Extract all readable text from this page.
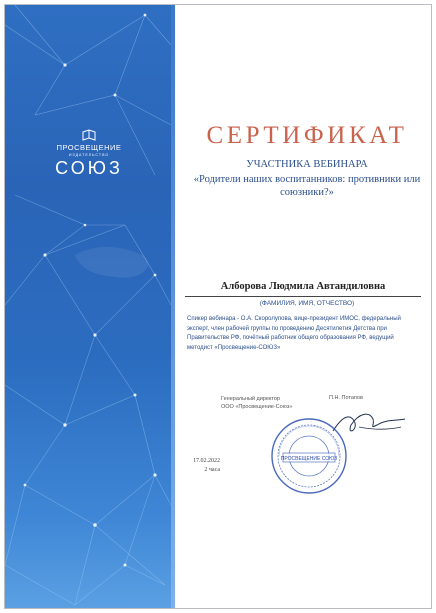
ПРОСВЕЩЕНИЕ
ИЗДАТЕЛЬСТВО
СОЮЗ
СЕРТИФИКАТ
УЧАСТНИКА ВЕБИНАРА
«Родители наших воспитанников: противники или союзники?»
Алборова Людмила Автандиловна
(ФАМИЛИЯ, ИМЯ, ОТЧЕСТВО)
Спикер вебинара - О.А. Скоролупова, вице-президент ИМОС, федеральный эксперт, член рабочей группы по проведению Десятилетия Детства при Правительстве РФ, почётный работник общего образования РФ, ведущий методист «Просвещение-СОЮЗ»
Генеральный директор
ООО «Просвещение-Союз»
П.Н. Потапов
ПРОСВЕЩЕНИЕ СОЮЗ
17.02.2022
2 часа
